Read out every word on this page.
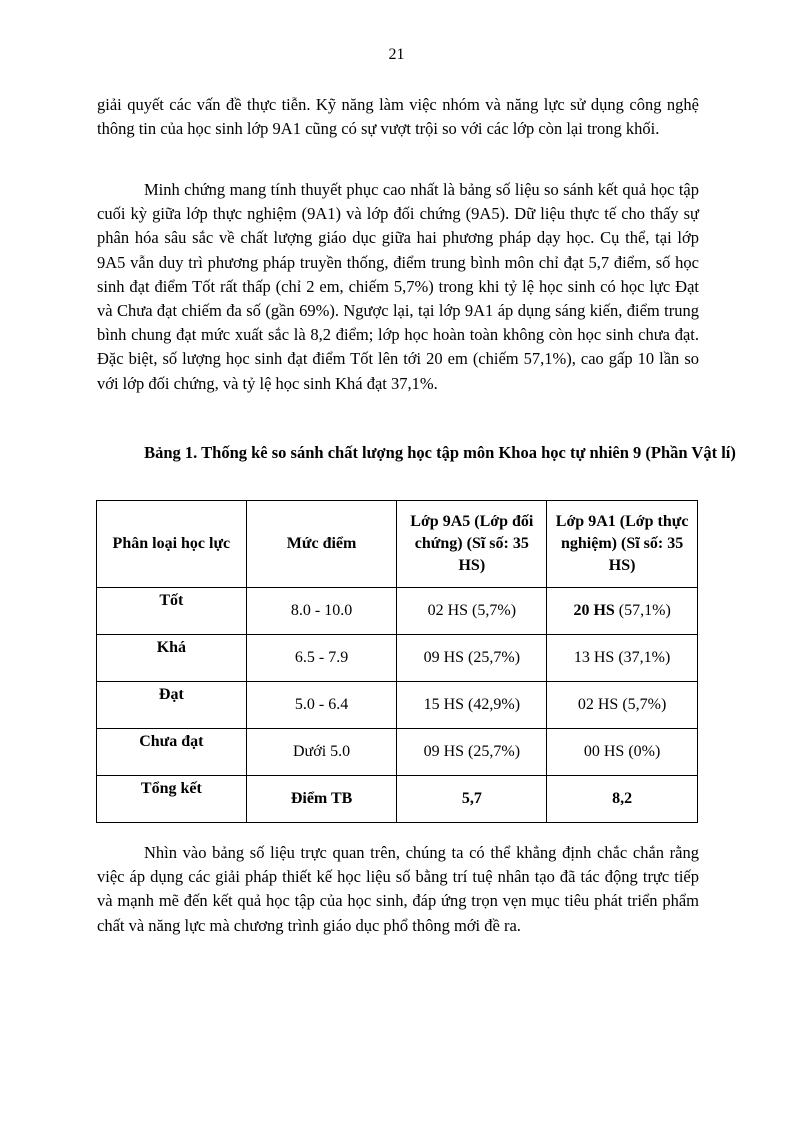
21

giải quyết các vấn đề thực tiễn. Kỹ năng làm việc nhóm và năng lực sử dụng công nghệ thông tin của học sinh lớp 9A1 cũng có sự vượt trội so với các lớp còn lại trong khối.

Minh chứng mang tính thuyết phục cao nhất là bảng số liệu so sánh kết quả học tập cuối kỳ giữa lớp thực nghiệm (9A1) và lớp đối chứng (9A5). Dữ liệu thực tế cho thấy sự phân hóa sâu sắc về chất lượng giáo dục giữa hai phương pháp dạy học. Cụ thể, tại lớp 9A5 vẫn duy trì phương pháp truyền thống, điểm trung bình môn chỉ đạt 5,7 điểm, số học sinh đạt điểm Tốt rất thấp (chỉ 2 em, chiếm 5,7%) trong khi tỷ lệ học sinh có học lực Đạt và Chưa đạt chiếm đa số (gần 69%). Ngược lại, tại lớp 9A1 áp dụng sáng kiến, điểm trung bình chung đạt mức xuất sắc là 8,2 điểm; lớp học hoàn toàn không còn học sinh chưa đạt. Đặc biệt, số lượng học sinh đạt điểm Tốt lên tới 20 em (chiếm 57,1%), cao gấp 10 lần so với lớp đối chứng, và tỷ lệ học sinh Khá đạt 37,1%.

Bảng 1. Thống kê so sánh chất lượng học tập môn Khoa học tự nhiên 9 (Phần Vật lí)
Phân loại học lực	Mức điểm	Lớp 9A5 (Lớp đối chứng) (Sĩ số: 35 HS)	Lớp 9A1 (Lớp thực nghiệm) (Sĩ số: 35 HS)
Tốt	8.0 - 10.0	02 HS (5,7%)	20 HS (57,1%)
Khá	6.5 - 7.9	09 HS (25,7%)	13 HS (37,1%)
Đạt	5.0 - 6.4	15 HS (42,9%)	02 HS (5,7%)
Chưa đạt	Dưới 5.0	09 HS (25,7%)	00 HS (0%)
Tổng kết	Điểm TB	5,7	8,2

Nhìn vào bảng số liệu trực quan trên, chúng ta có thể khẳng định chắc chắn rằng việc áp dụng các giải pháp thiết kế học liệu số bằng trí tuệ nhân tạo đã tác động trực tiếp và mạnh mẽ đến kết quả học tập của học sinh, đáp ứng trọn vẹn mục tiêu phát triển phẩm chất và năng lực mà chương trình giáo dục phổ thông mới đề ra.
